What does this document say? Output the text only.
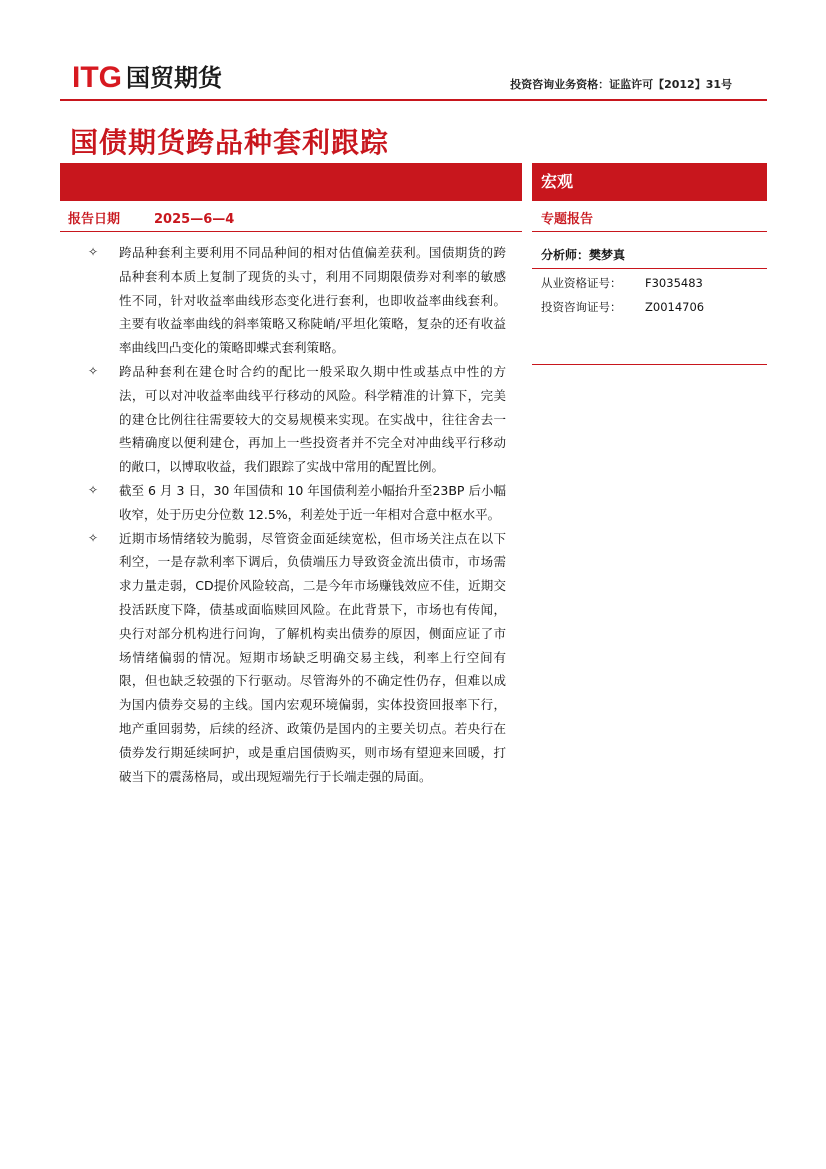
ITG 国贸期货	投资咨询业务资格：证监许可【2012】31号
国债期货跨品种套利跟踪
宏观
报告日期	2025—6—4	专题报告
分析师：樊梦真
从业资格证号： F3035483
投资咨询证号： Z0014706
✧ 跨品种套利主要利用不同品种间的相对估值偏差获利。国债期货的跨品种套利本质上复制了现货的头寸，利用不同期限债券对利率的敏感性不同，针对收益率曲线形态变化进行套利，也即收益率曲线套利。主要有收益率曲线的斜率策略又称陡峭/平坦化策略，复杂的还有收益率曲线凹凸变化的策略即蝶式套利策略。
✧ 跨品种套利在建仓时合约的配比一般采取久期中性或基点中性的方法，可以对冲收益率曲线平行移动的风险。科学精准的计算下，完美的建仓比例往往需要较大的交易规模来实现。在实战中，往往舍去一些精确度以便利建仓，再加上一些投资者并不完全对冲曲线平行移动的敞口，以博取收益，我们跟踪了实战中常用的配置比例。
✧ 截至 6 月 3 日，30 年国债和 10 年国债利差小幅抬升至23BP 后小幅收窄，处于历史分位数 12.5%，利差处于近一年相对合意中枢水平。
✧ 近期市场情绪较为脆弱，尽管资金面延续宽松，但市场关注点在以下利空，一是存款利率下调后，负债端压力导致资金流出债市，市场需求力量走弱，CD提价风险较高，二是今年市场赚钱效应不佳，近期交投活跃度下降，债基或面临赎回风险。在此背景下，市场也有传闻，央行对部分机构进行问询，了解机构卖出债券的原因，侧面应证了市场情绪偏弱的情况。短期市场缺乏明确交易主线，利率上行空间有限，但也缺乏较强的下行驱动。尽管海外的不确定性仍存，但难以成为国内债券交易的主线。国内宏观环境偏弱，实体投资回报率下行，地产重回弱势，后续的经济、政策仍是国内的主要关切点。若央行在债券发行期延续呵护，或是重启国债购买，则市场有望迎来回暖，打破当下的震荡格局，或出现短端先行于长端走强的局面。
